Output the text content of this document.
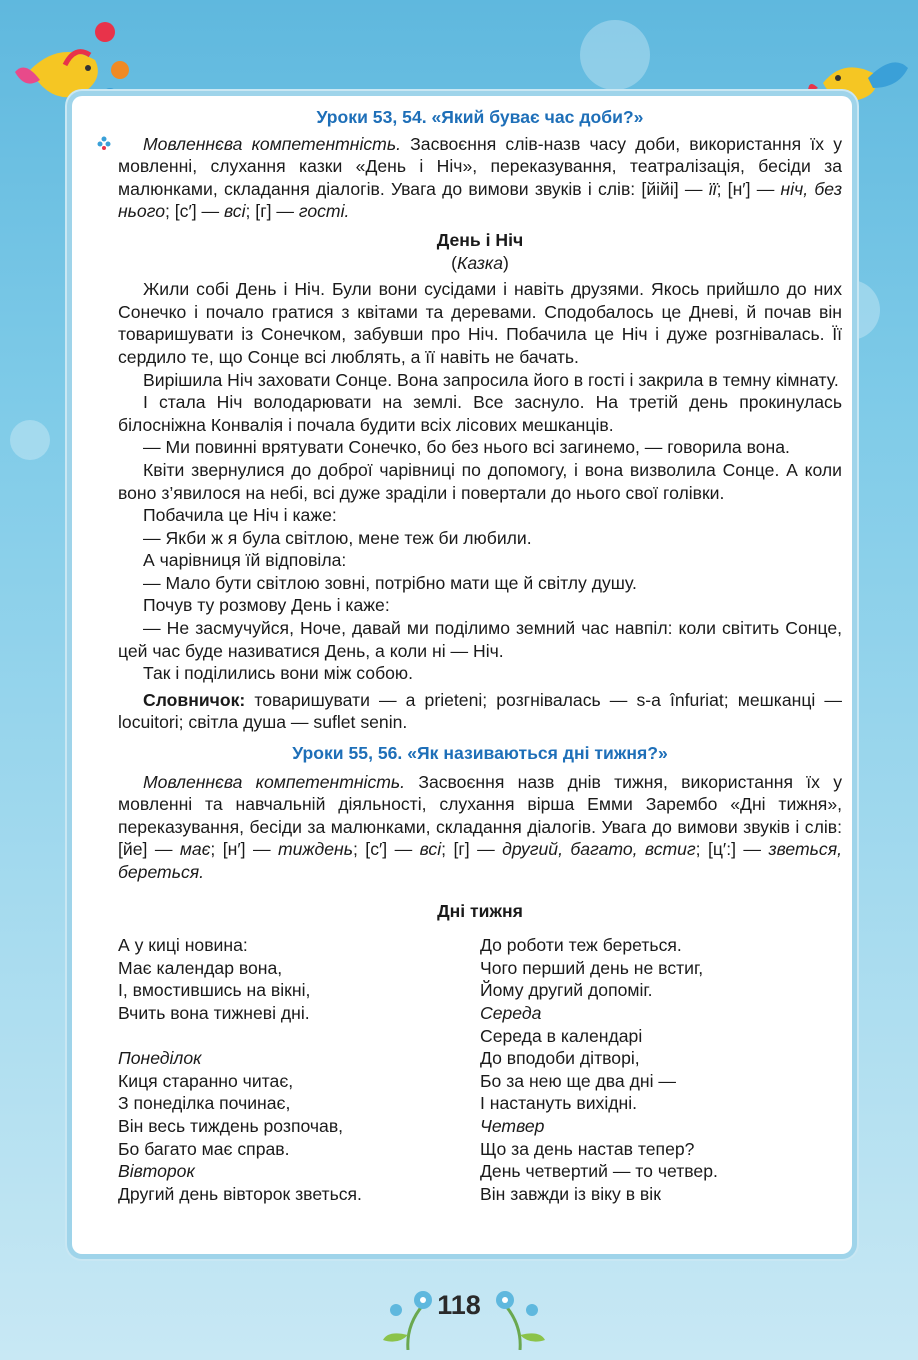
Уроки 53, 54. «Який буває час доби?»

Мовленнєва компетентність. Засвоєння слів-назв часу доби, використання їх у мовленні, слухання казки «День і Ніч», переказування, театралізація, бесіди за малюнками, складання діалогів. Увага до вимови звуків і слів: [йійі] — її; [н′] — ніч, без нього; [с′] — всі; [г] — гості.

День і Ніч
(Казка)

Жили собі День і Ніч. Були вони сусідами і навіть друзями. Якось прийшло до них Сонечко і почало гратися з квітами та деревами. Сподобалось це Дневі, й почав він товаришувати із Сонечком, забувши про Ніч. Побачила це Ніч і дуже розгнівалась. Її сердило те, що Сонце всі люблять, а її навіть не бачать.

Вирішила Ніч заховати Сонце. Вона запросила його в гості і закрила в темну кімнату.

І стала Ніч володарювати на землі. Все заснуло. На третій день прокинулась білосніжна Конвалія і почала будити всіх лісових мешканців.

— Ми повинні врятувати Сонечко, бо без нього всі загинемо, — говорила вона.

Квіти звернулися до доброї чарівниці по допомогу, і вона визволила Сонце. А коли воно з’явилося на небі, всі дуже зраділи і повертали до нього свої голівки.

Побачила це Ніч і каже:

— Якби ж я була світлою, мене теж би любили.

А чарівниця їй відповіла:

— Мало бути світлою зовні, потрібно мати ще й світлу душу.

Почув ту розмову День і каже:

— Не засмучуйся, Ноче, давай ми поділимо земний час навпіл: коли світить Сонце, цей час буде називатися День, а коли ні — Ніч.

Так і поділились вони між собою.

Словничок: товаришувати — a prieteni; розгнівалась — s-a înfuriat; мешканці — locuitori; світла душа — suflet senin.

Уроки 55, 56. «Як називаються дні тижня?»

Мовленнєва компетентність. Засвоєння назв днів тижня, використання їх у мовленні та навчальній діяльності, слухання вірша Емми Зарембо «Дні тижня», переказування, бесіди за малюнками, складання діалогів. Увага до вимови звуків і слів: [йе] — має; [н′] — тиждень; [с′] — всі; [г] — другий, багато, встиг; [ц′:] — зветься, береться.

Дні тижня
А у киці новина:
Має календар вона,
І, вмостившись на вікні,
Вчить вона тижневі дні.
Понеділок
Киця старанно читає,
З понеділка починає,
Він весь тиждень розпочав,
Бо багато має справ.
Вівторок
Другий день вівторок зветься.
До роботи теж береться.
Чого перший день не встиг,
Йому другий допоміг.
Середа
Середа в календарі
До вподоби дітворі,
Бо за нею ще два дні —
І настануть вихідні.
Четвер
Що за день настав тепер?
День четвертий — то четвер.
Він завжди із віку в вік
118
